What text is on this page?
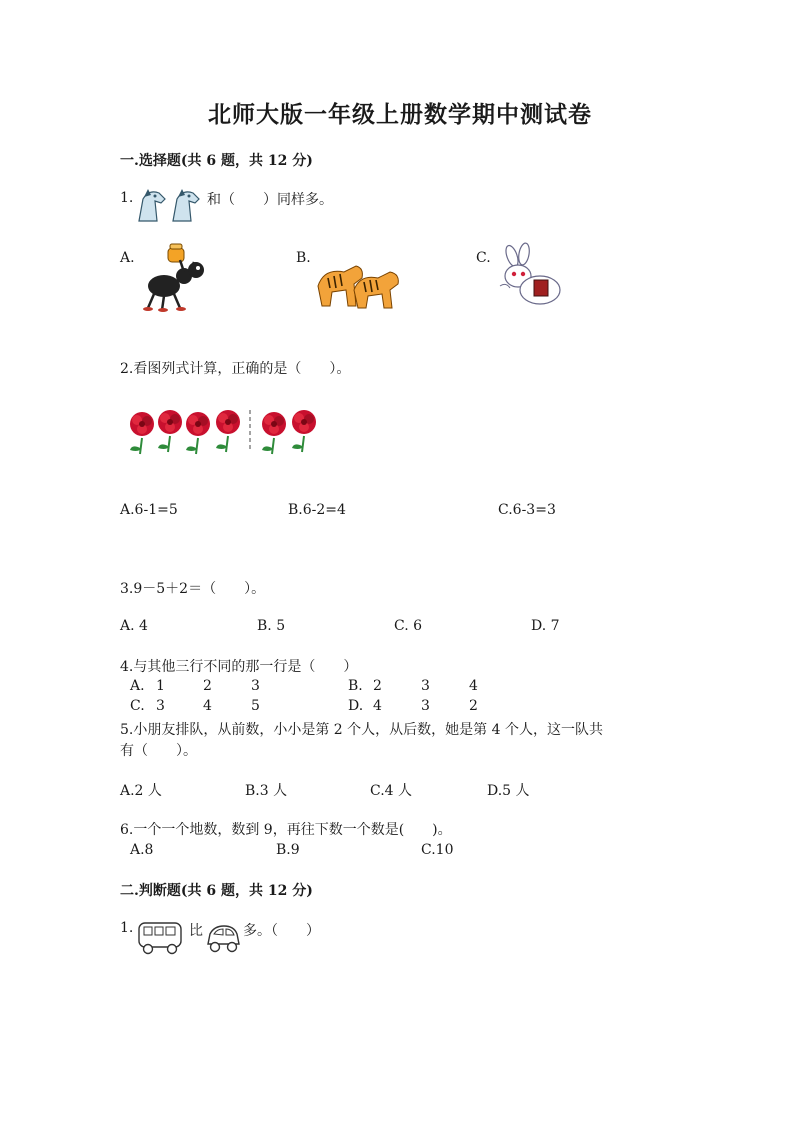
北师大版一年级上册数学期中测试卷
一.选择题(共 6 题，共 12 分)
1.	和（　　）同样多。
A.	B.	C.
2.看图列式计算，正确的是（　　）。
A.6-1=5	B.6-2=4	C.6-3=3
3.9－5＋2＝（　　）。
A. 4	B. 5	C. 6	D. 7
4.与其他三行不同的那一行是（　　）
A. 1	2	3	B. 2	3	4
C. 3	4	5	D. 4	3	2
5.小朋友排队，从前数，小小是第 2 个人，从后数，她是第 4 个人，这一队共
有（　　）。
A.2 人	B.3 人	C.4 人	D.5 人
6.一个一个地数，数到 9，再往下数一个数是(　　)。
A.8	B.9	C.10
二.判断题(共 6 题，共 12 分)
1.	比	多。（　　）
